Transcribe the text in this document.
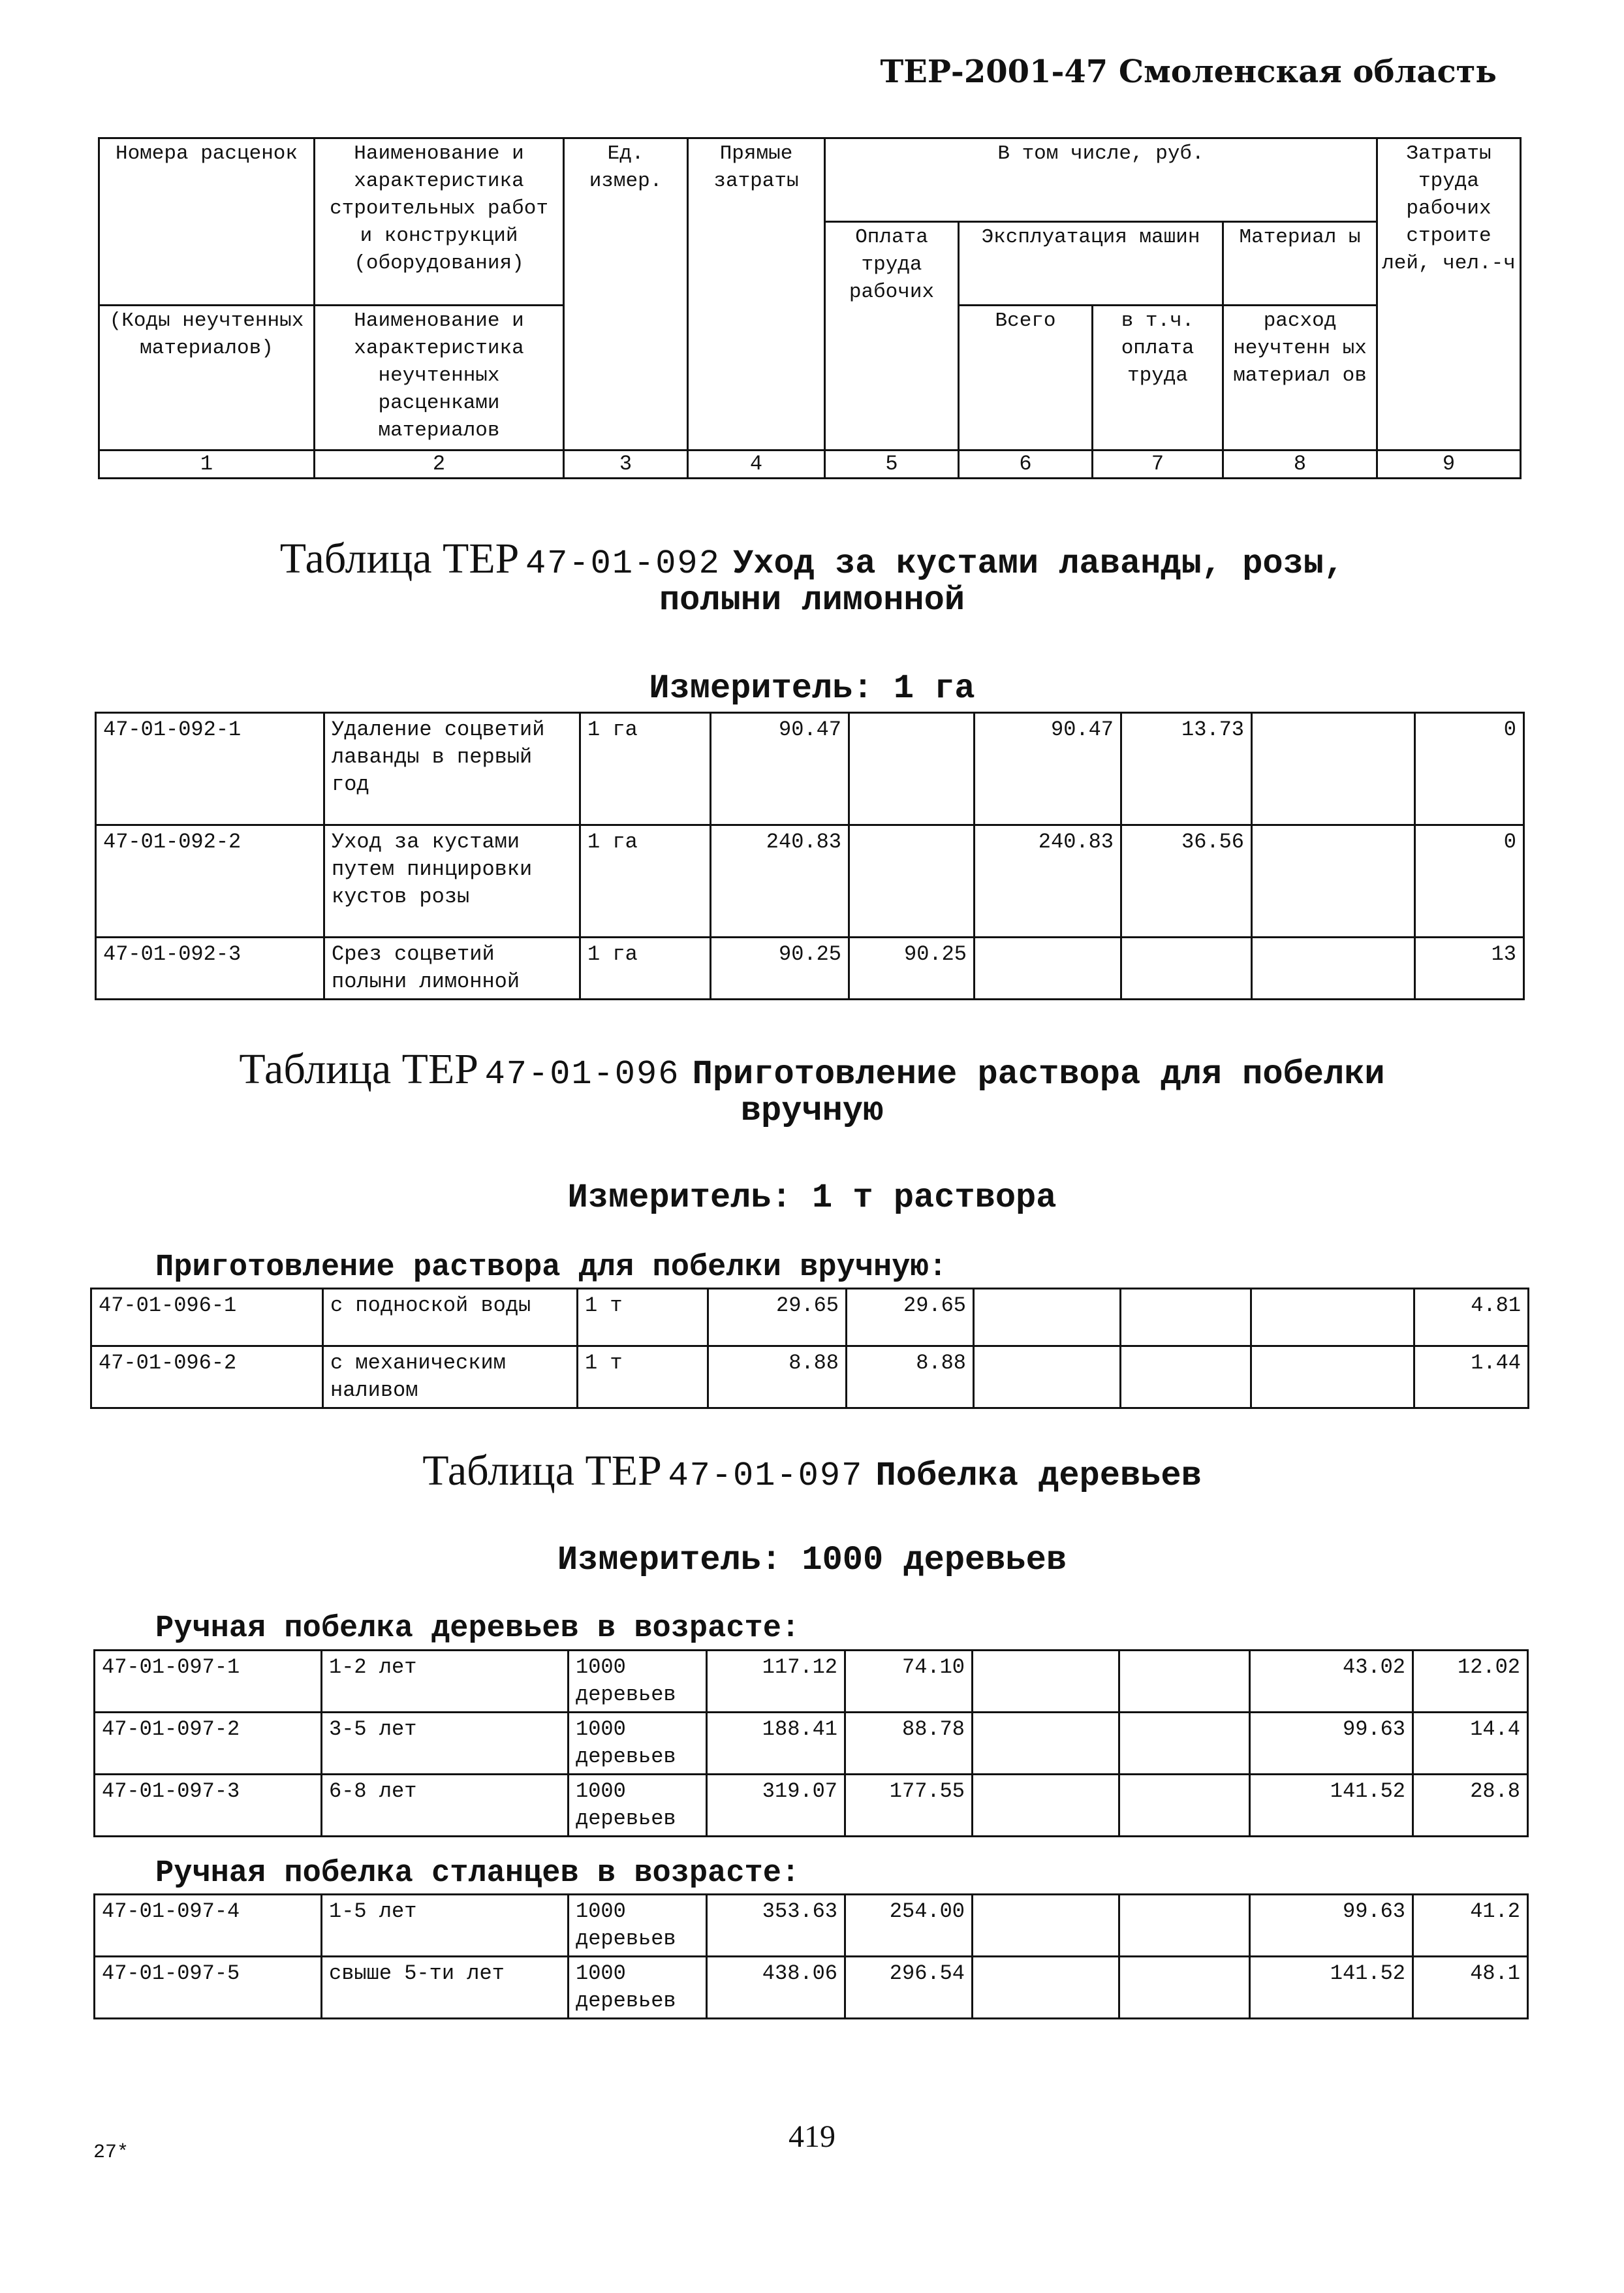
ТЕР-2001-47 Смоленская область
Номера расценок	Наименование и характеристика строительных работ и конструкций (оборудования)	Ед. измер.	Прямые затраты	В том числе, руб.				Затраты труда рабочих строите лей, чел.-ч
				Оплата труда рабочих	Эксплуатация машин		Материал ы	
(Коды неучтенных материалов)	Наименование и характеристика неучтенных расценками материалов				Всего	в т.ч. оплата труда	расход неучтенн ых материал ов	
1	2	3	4	5	6	7	8	9
Таблица ТЕР 47-01-092 Уход за кустами лаванды, розы,
полыни лимонной
Измеритель: 1 га
47-01-092-1	Удаление соцветий лаванды в первый год	1 га	90.47		90.47	13.73		0
47-01-092-2	Уход за кустами путем пинцировки кустов розы	1 га	240.83		240.83	36.56		0
47-01-092-3	Срез соцветий полыни лимонной	1 га	90.25	90.25				13
Таблица ТЕР 47-01-096 Приготовление раствора для побелки
вручную
Измеритель: 1 т раствора
Приготовление раствора для побелки вручную:
47-01-096-1	с подноской воды	1 т	29.65	29.65				4.81
47-01-096-2	с механическим наливом	1 т	8.88	8.88				1.44
Таблица ТЕР 47-01-097 Побелка деревьев
Измеритель: 1000 деревьев
Ручная побелка деревьев в возрасте:
47-01-097-1	1-2 лет	1000 деревьев	117.12	74.10			43.02	12.02
47-01-097-2	3-5 лет	1000 деревьев	188.41	88.78			99.63	14.4
47-01-097-3	6-8 лет	1000 деревьев	319.07	177.55			141.52	28.8
Ручная побелка стланцев в возрасте:
47-01-097-4	1-5 лет	1000 деревьев	353.63	254.00			99.63	41.2
47-01-097-5	свыше 5-ти лет	1000 деревьев	438.06	296.54			141.52	48.1
27*	419
